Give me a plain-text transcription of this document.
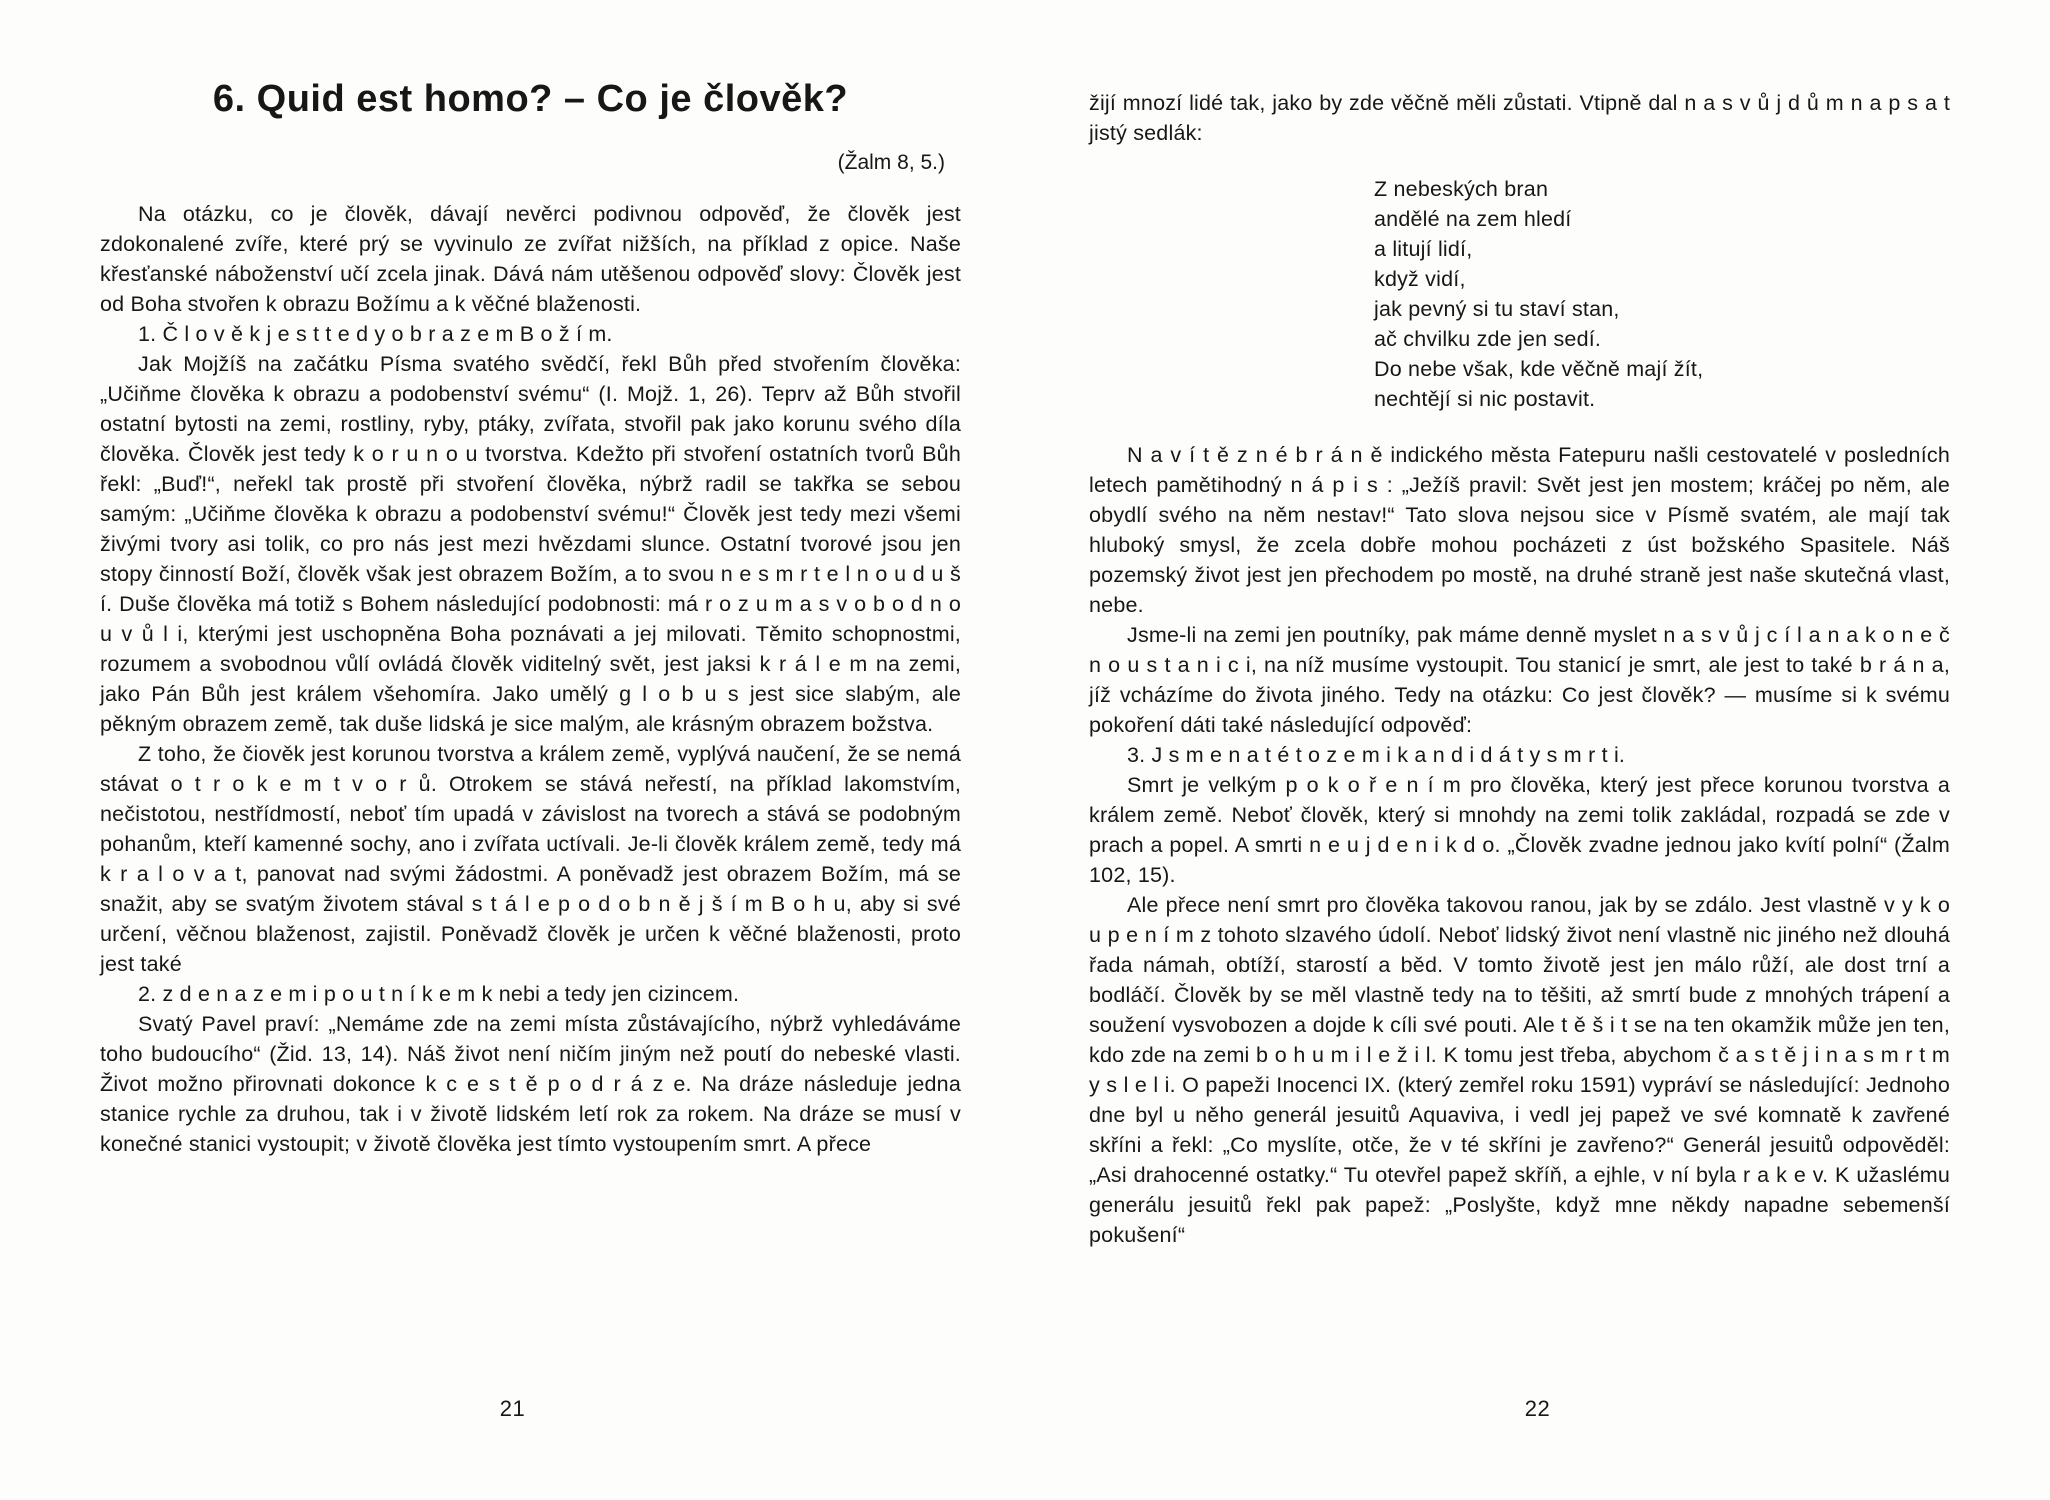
6. Quid est homo? – Co je člověk?
(Žalm 8, 5.)

Na otázku, co je člověk, dávají nevěrci podivnou odpověď, že člověk jest zdokonalené zvíře, které prý se vyvinulo ze zvířat nižších, na příklad z opice. Naše křesťanské náboženství učí zcela jinak. Dává nám utěšenou odpověď slovy: Člověk jest od Boha stvořen k obrazu Božímu a k věčné blaženosti.

1. Č l o v ě k j e s t t e d y o b r a z e m B o ž í m.

Jak Mojžíš na začátku Písma svatého svědčí, řekl Bůh před stvořením člověka: „Učiňme člověka k obrazu a podobenství svému“ (I. Mojž. 1, 26). Teprv až Bůh stvořil ostatní bytosti na zemi, rostliny, ryby, ptáky, zvířata, stvořil pak jako korunu svého díla člověka. Člověk jest tedy k o r u n o u tvorstva. Kdežto při stvoření ostatních tvorů Bůh řekl: „Buď!“, neřekl tak prostě při stvoření člověka, nýbrž radil se takřka se sebou samým: „Učiňme člověka k obrazu a podobenství svému!“ Člověk jest tedy mezi všemi živými tvory asi tolik, co pro nás jest mezi hvězdami slunce. Ostatní tvorové jsou jen stopy činností Boží, člověk však jest obrazem Božím, a to svou n e s m r t e l n o u d u š í. Duše člověka má totiž s Bohem následující podobnosti: má r o z u m a s v o b o d n o u v ů l i, kterými jest uschopněna Boha poznávati a jej milovati. Těmito schopnostmi, rozumem a svobodnou vůlí ovládá člověk viditelný svět, jest jaksi k r á l e m na zemi, jako Pán Bůh jest králem všehomíra. Jako umělý g l o b u s jest sice slabým, ale pěkným obrazem země, tak duše lidská je sice malým, ale krásným obrazem božstva.

Z toho, že čiověk jest korunou tvorstva a králem země, vyplývá naučení, že se nemá stávat o t r o k e m t v o r ů. Otrokem se stává neřestí, na příklad lakomstvím, nečistotou, nestřídmostí, neboť tím upadá v závislost na tvorech a stává se podobným pohanům, kteří kamenné sochy, ano i zvířata uctívali. Je-li člověk králem země, tedy má k r a l o v a t, panovat nad svými žádostmi. A poněvadž jest obrazem Božím, má se snažit, aby se svatým životem stával s t á l e p o d o b n ě j š í m B o h u, aby si své určení, věčnou blaženost, zajistil. Poněvadž člověk je určen k věčné blaženosti, proto jest také

2. z d e n a z e m i p o u t n í k e m k nebi a tedy jen cizincem.

Svatý Pavel praví: „Nemáme zde na zemi místa zůstávajícího, nýbrž vyhledáváme toho budoucího“ (Žid. 13, 14). Náš život není ničím jiným než poutí do nebeské vlasti. Život možno přirovnati dokonce k c e s t ě p o d r á z e. Na dráze následuje jedna stanice rychle za druhou, tak i v životě lidském letí rok za rokem. Na dráze se musí v konečné stanici vystoupit; v životě člověka jest tímto vystoupením smrt. A přece

21

žijí mnozí lidé tak, jako by zde věčně měli zůstati. Vtipně dal n a s v ů j d ů m n a p s a t jistý sedlák:

Z nebeských bran
andělé na zem hledí
a litují lidí,
když vidí,
jak pevný si tu staví stan,
ač chvilku zde jen sedí.
Do nebe však, kde věčně mají žít,
nechtějí si nic postavit.

N a v í t ě z n é b r á n ě indického města Fatepuru našli cestovatelé v posledních letech pamětihodný n á p i s : „Ježíš pravil: Svět jest jen mostem; kráčej po něm, ale obydlí svého na něm nestav!“ Tato slova nejsou sice v Písmě svatém, ale mají tak hluboký smysl, že zcela dobře mohou pocházeti z úst božského Spasitele. Náš pozemský život jest jen přechodem po mostě, na druhé straně jest naše skutečná vlast, nebe.

Jsme-li na zemi jen poutníky, pak máme denně myslet n a s v ů j c í l a n a k o n e č n o u s t a n i c i, na níž musíme vystoupit. Tou stanicí je smrt, ale jest to také b r á n a, jíž vcházíme do života jiného. Tedy na otázku: Co jest člověk? — musíme si k svému pokoření dáti také následující odpověď:

3. J s m e n a t é t o z e m i k a n d i d á t y s m r t i.

Smrt je velkým p o k o ř e n í m pro člověka, který jest přece korunou tvorstva a králem země. Neboť člověk, který si mnohdy na zemi tolik zakládal, rozpadá se zde v prach a popel. A smrti n e u j d e n i k d o. „Člověk zvadne jednou jako kvítí polní“ (Žalm 102, 15).

Ale přece není smrt pro člověka takovou ranou, jak by se zdálo. Jest vlastně v y k o u p e n í m z tohoto slzavého údolí. Neboť lidský život není vlastně nic jiného než dlouhá řada námah, obtíží, starostí a běd. V tomto životě jest jen málo růží, ale dost trní a bodláčí. Člověk by se měl vlastně tedy na to těšiti, až smrtí bude z mnohých trápení a soužení vysvobozen a dojde k cíli své pouti. Ale t ě š i t se na ten okamžik může jen ten, kdo zde na zemi b o h u m i l e ž i l. K tomu jest třeba, abychom č a s t ě j i n a s m r t m y s l e l i. O papeži Inocenci IX. (který zemřel roku 1591) vypráví se následující: Jednoho dne byl u něho generál jesuitů Aquaviva, i vedl jej papež ve své komnatě k zavřené skříni a řekl: „Co myslíte, otče, že v té skříni je zavřeno?“ Generál jesuitů odpověděl: „Asi drahocenné ostatky.“ Tu otevřel papež skříň, a ejhle, v ní byla r a k e v. K užaslému generálu jesuitů řekl pak papež: „Poslyšte, když mne někdy napadne sebemenší pokušení“

22
